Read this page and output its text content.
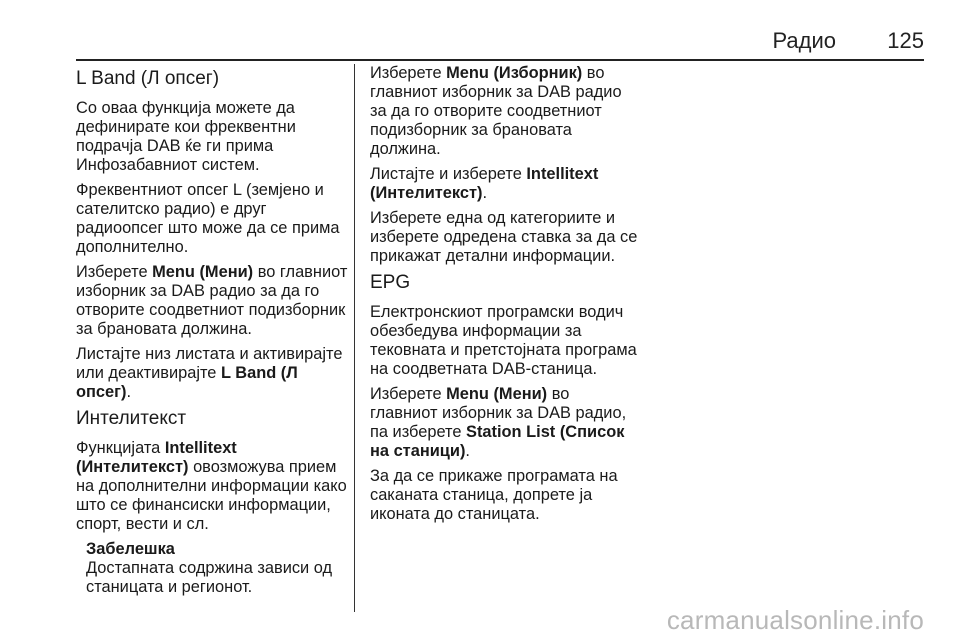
Радио 125
L Band (Л опсег)

Со оваа функција можете да дефинирате кои фреквентни подрачја DAB ќе ги прима Инфозабавниот систем.

Фреквентниот опсег L (земјено и сателитско радио) е друг радиоопсег што може да се прима дополнително.

Изберете Menu (Мени) во главниот изборник за DAB радио за да го отворите соодветниот подизборник за брановата должина.

Листајте низ листата и активирајте или деактивирајте L Band (Л опсег).

Интелитекст

Функцијата Intellitext (Интелитекст) овозможува прием на дополнителни информации како што се финансиски информации, спорт, вести и сл.

Забелешка
Достапната содржина зависи од станицата и регионот.

Изберете Menu (Изборник) во главниот изборник за DAB радио за да го отворите соодветниот подизборник за брановата должина.

Листајте и изберете Intellitext (Интелитекст).

Изберете една од категориите и изберете одредена ставка за да се прикажат детални информации.

EPG

Електронскиот програмски водич обезбедува информации за тековната и претстојната програма на соодветната DAB-станица.

Изберете Menu (Мени) во главниот изборник за DAB радио, па изберете Station List (Список на станици).

За да се прикаже програмата на саканата станица, допрете ја иконата до станицата.

carmanualsonline.info
